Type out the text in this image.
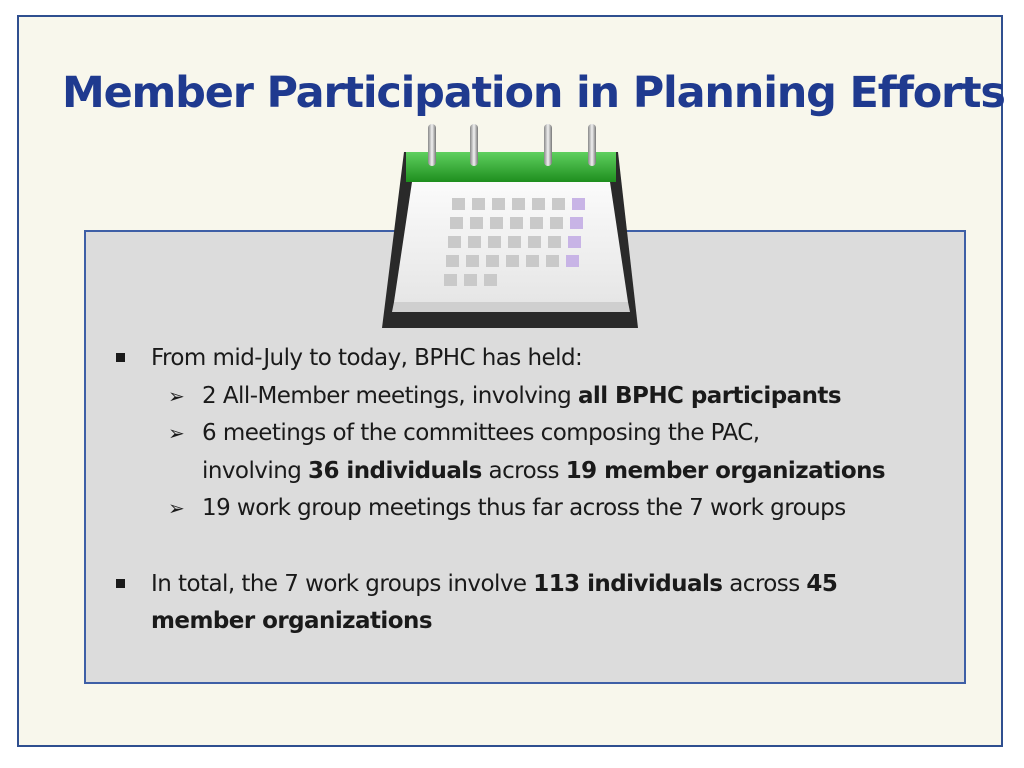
Member Participation in Planning Efforts
From mid-July to today, BPHC has held:
➢ 2 All-Member meetings, involving all BPHC participants
➢ 6 meetings of the committees composing the PAC,
involving 36 individuals across 19 member organizations
➢ 19 work group meetings thus far across the 7 work groups
In total, the 7 work groups involve 113 individuals across 45
member organizations
